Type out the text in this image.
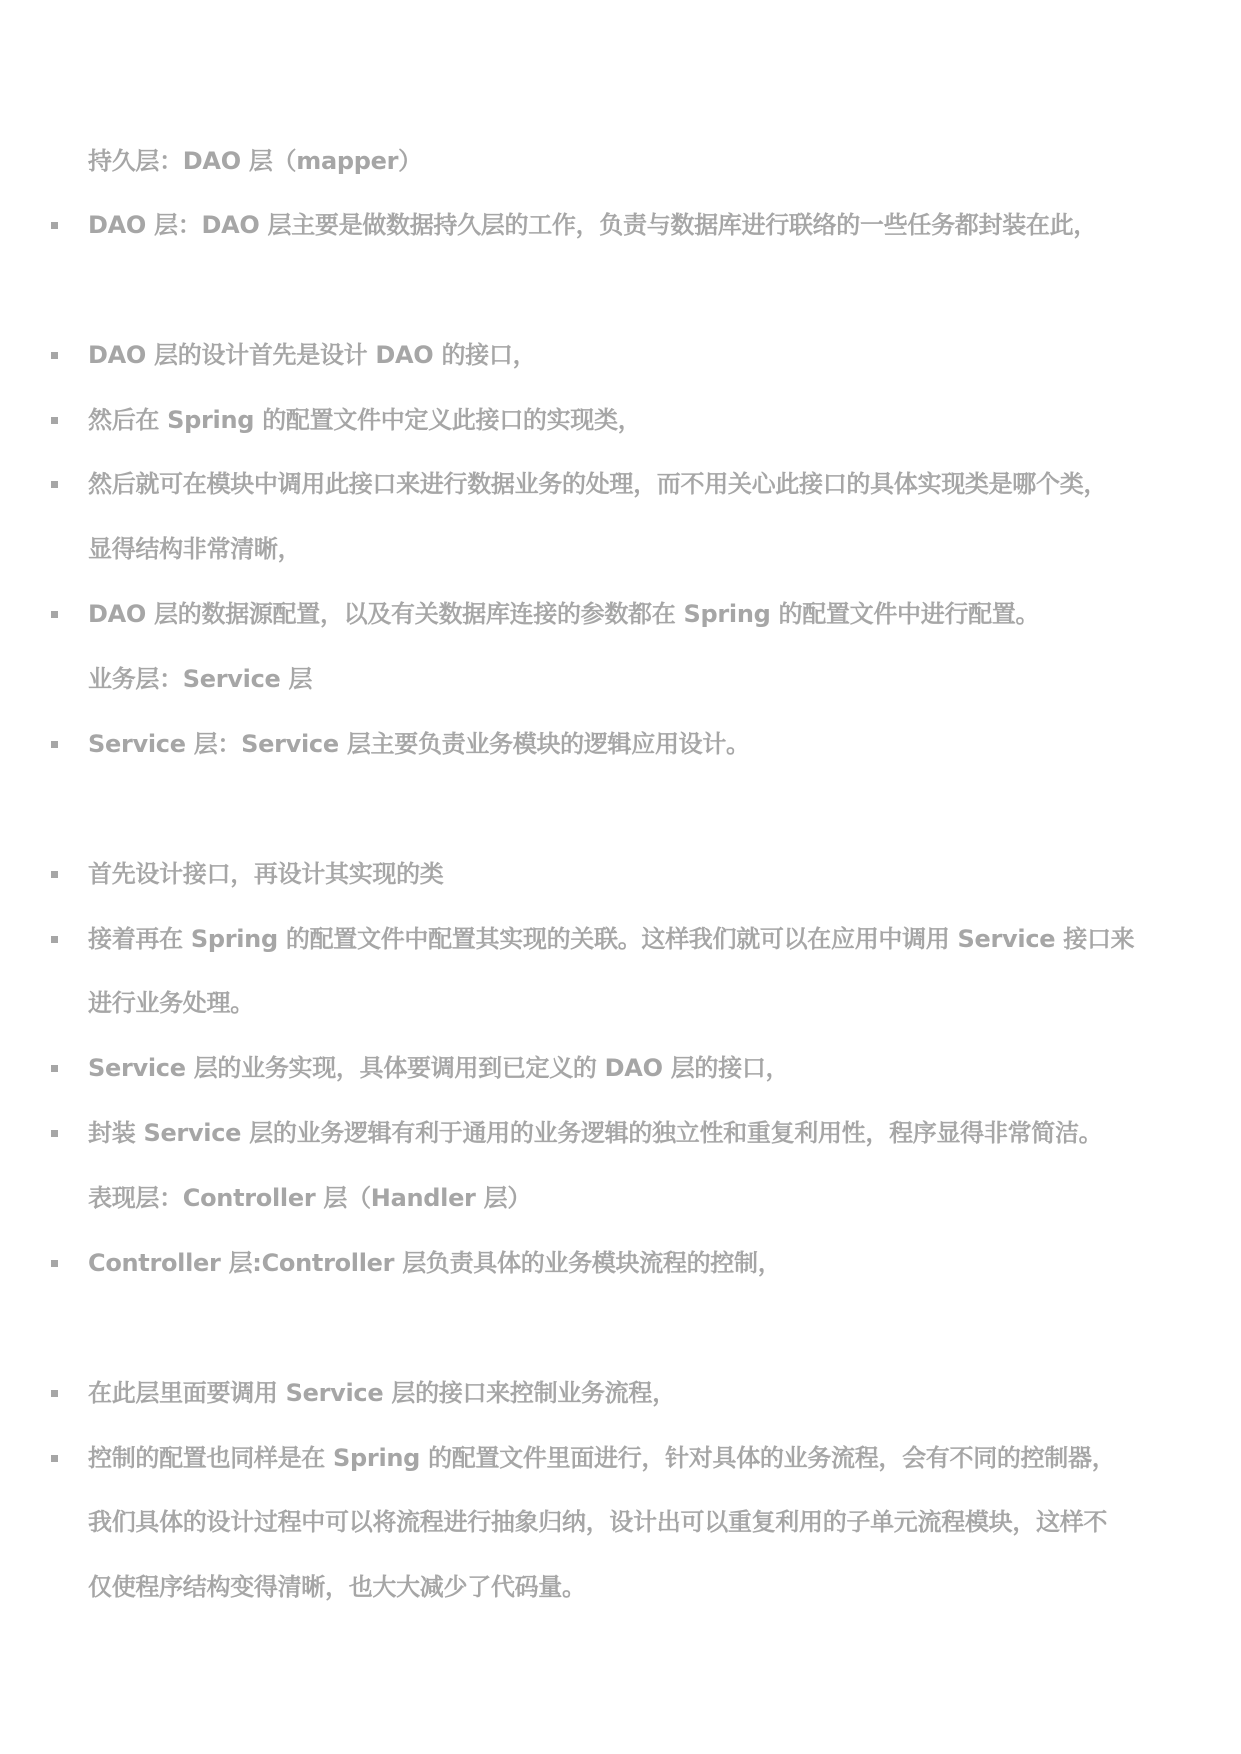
持久层：DAO 层（mapper）
DAO 层：DAO 层主要是做数据持久层的工作，负责与数据库进行联络的一些任务都封装在此，
DAO 层的设计首先是设计 DAO 的接口，
然后在 Spring 的配置文件中定义此接口的实现类，
然后就可在模块中调用此接口来进行数据业务的处理，而不用关心此接口的具体实现类是哪个类，
显得结构非常清晰，
DAO 层的数据源配置，以及有关数据库连接的参数都在 Spring 的配置文件中进行配置。
业务层：Service 层
Service 层：Service 层主要负责业务模块的逻辑应用设计。
首先设计接口，再设计其实现的类
接着再在 Spring 的配置文件中配置其实现的关联。这样我们就可以在应用中调用 Service 接口来
进行业务处理。
Service 层的业务实现，具体要调用到已定义的 DAO 层的接口，
封装 Service 层的业务逻辑有利于通用的业务逻辑的独立性和重复利用性，程序显得非常简洁。
表现层：Controller 层（Handler 层）
Controller 层:Controller 层负责具体的业务模块流程的控制，
在此层里面要调用 Service 层的接口来控制业务流程，
控制的配置也同样是在 Spring 的配置文件里面进行，针对具体的业务流程，会有不同的控制器，
我们具体的设计过程中可以将流程进行抽象归纳，设计出可以重复利用的子单元流程模块，这样不
仅使程序结构变得清晰，也大大减少了代码量。
